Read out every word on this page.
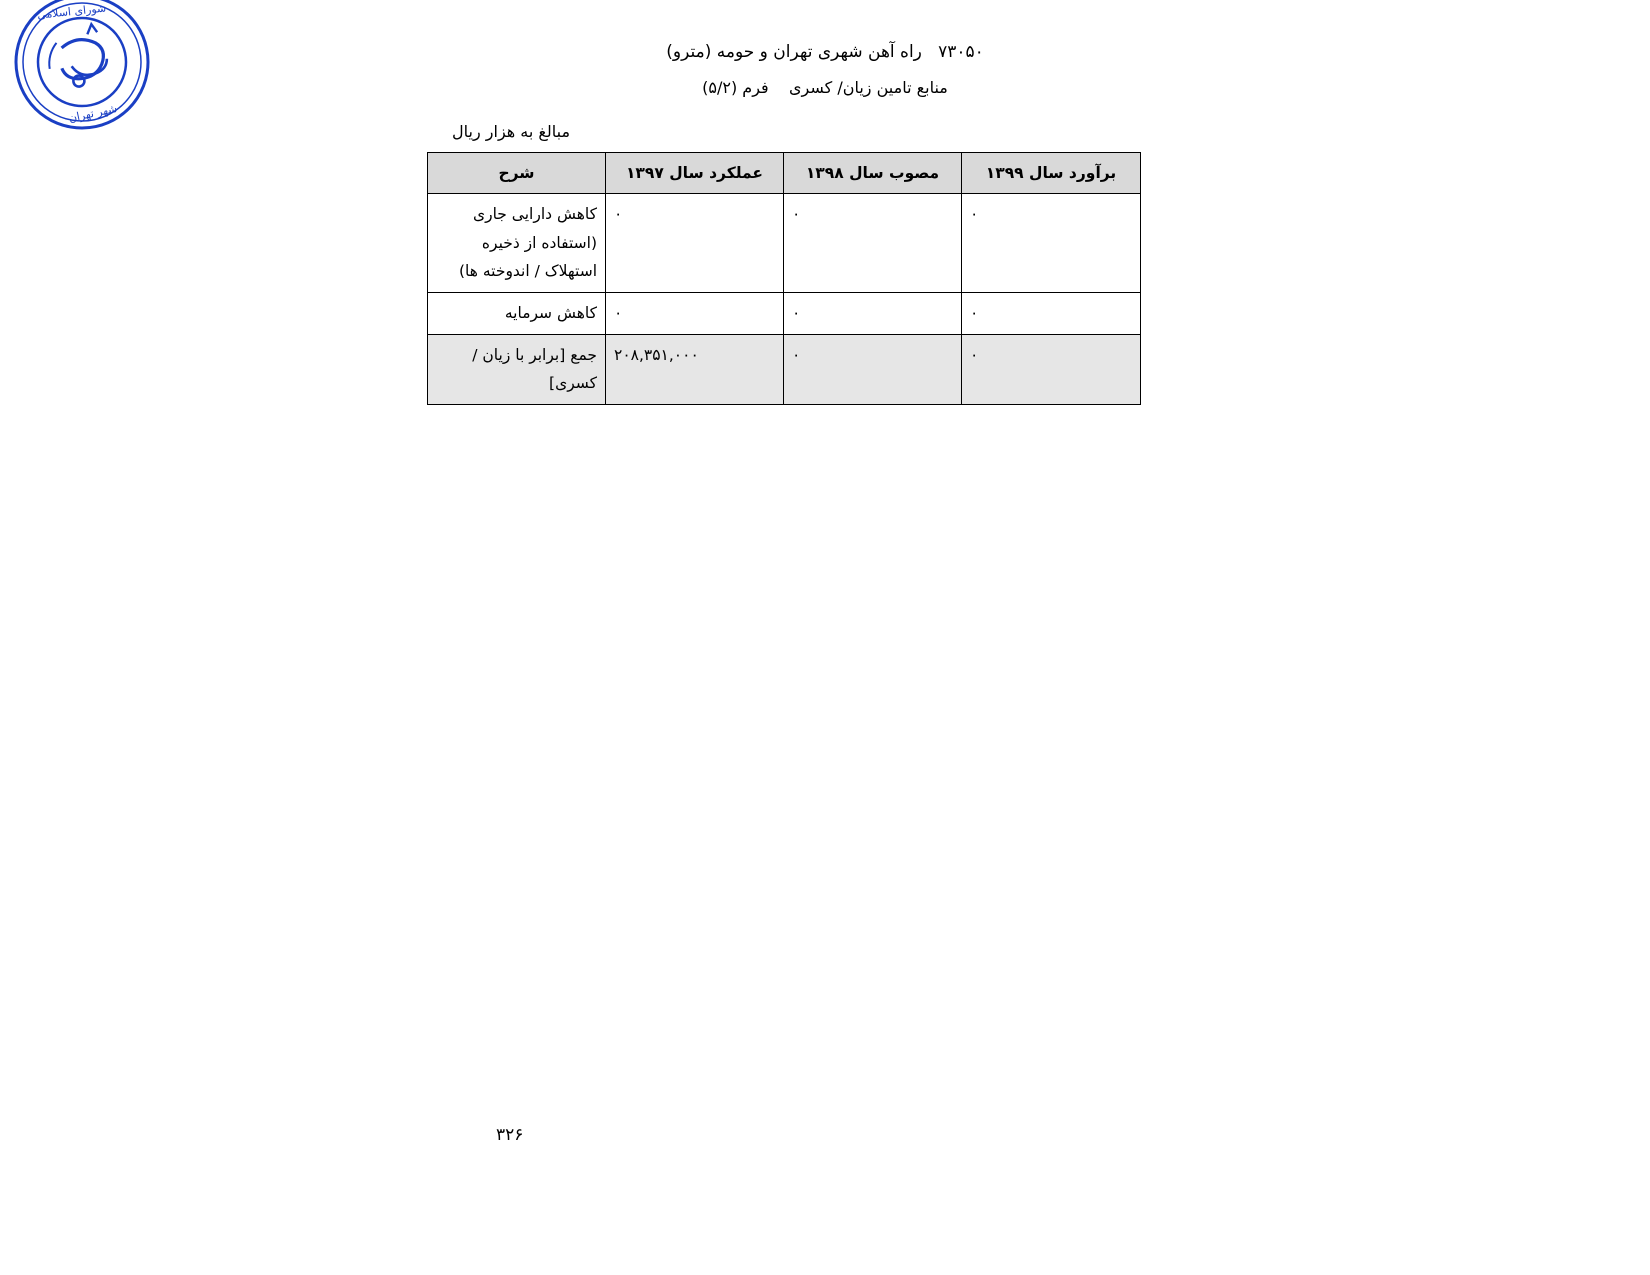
شورای اسلامی
شهر تهران
۷۳۰۵۰   راه آهن شهری تهران و حومه (مترو)
منابع تامین زیان/ کسری    فرم (۵/۲)
مبالغ به هزار ریال
برآورد سال ۱۳۹۹	مصوب سال ۱۳۹۸	عملکرد سال ۱۳۹۷	شرح
۰	۰	۰	کاهش دارایی جاری (استفاده از ذخیره استهلاک / اندوخته ها)
۰	۰	۰	کاهش سرمایه
۰	۰	۲۰۸,۳۵۱,۰۰۰	جمع [برابر با زیان / کسری]
۳۲۶
